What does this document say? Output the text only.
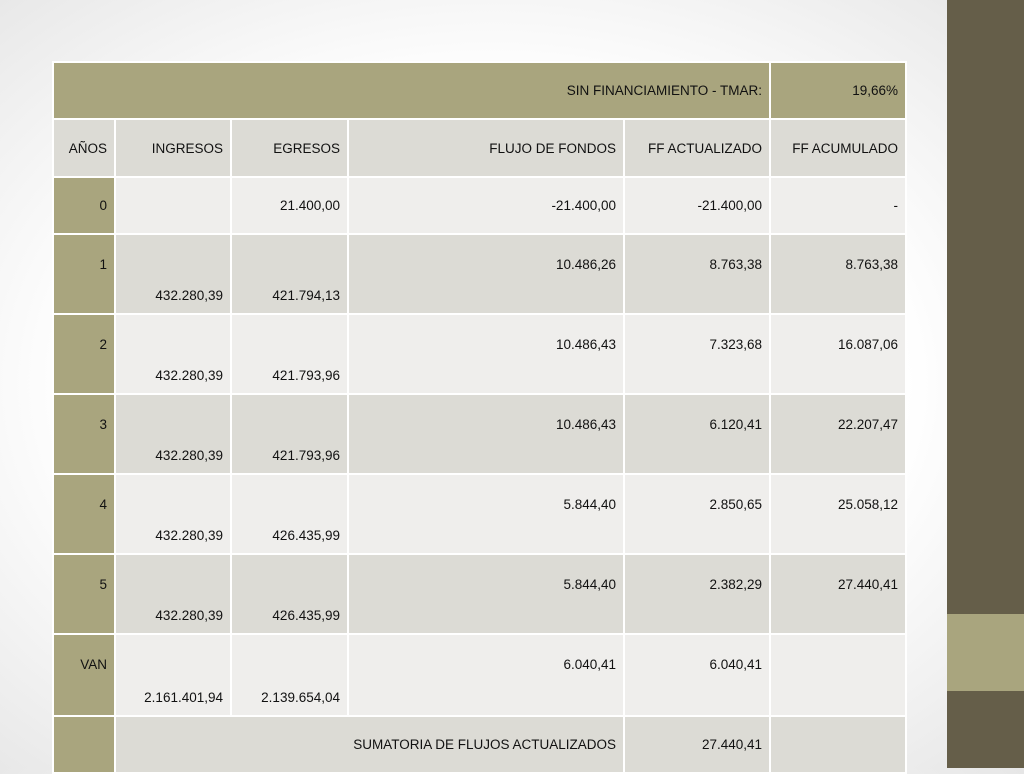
SIN FINANCIAMIENTO - TMAR:					19,66%
AÑOS	INGRESOS	EGRESOS	FLUJO DE FONDOS	FF ACTUALIZADO	FF ACUMULADO
0		21.400,00	-21.400,00	-21.400,00	-
1	432.280,39	421.794,13	10.486,26	8.763,38	8.763,38
2	432.280,39	421.793,96	10.486,43	7.323,68	16.087,06
3	432.280,39	421.793,96	10.486,43	6.120,41	22.207,47
4	432.280,39	426.435,99	5.844,40	2.850,65	25.058,12
5	432.280,39	426.435,99	5.844,40	2.382,29	27.440,41
VAN	2.161.401,94	2.139.654,04	6.040,41	6.040,41	
	SUMATORIA DE FLUJOS ACTUALIZADOS			27.440,41	
